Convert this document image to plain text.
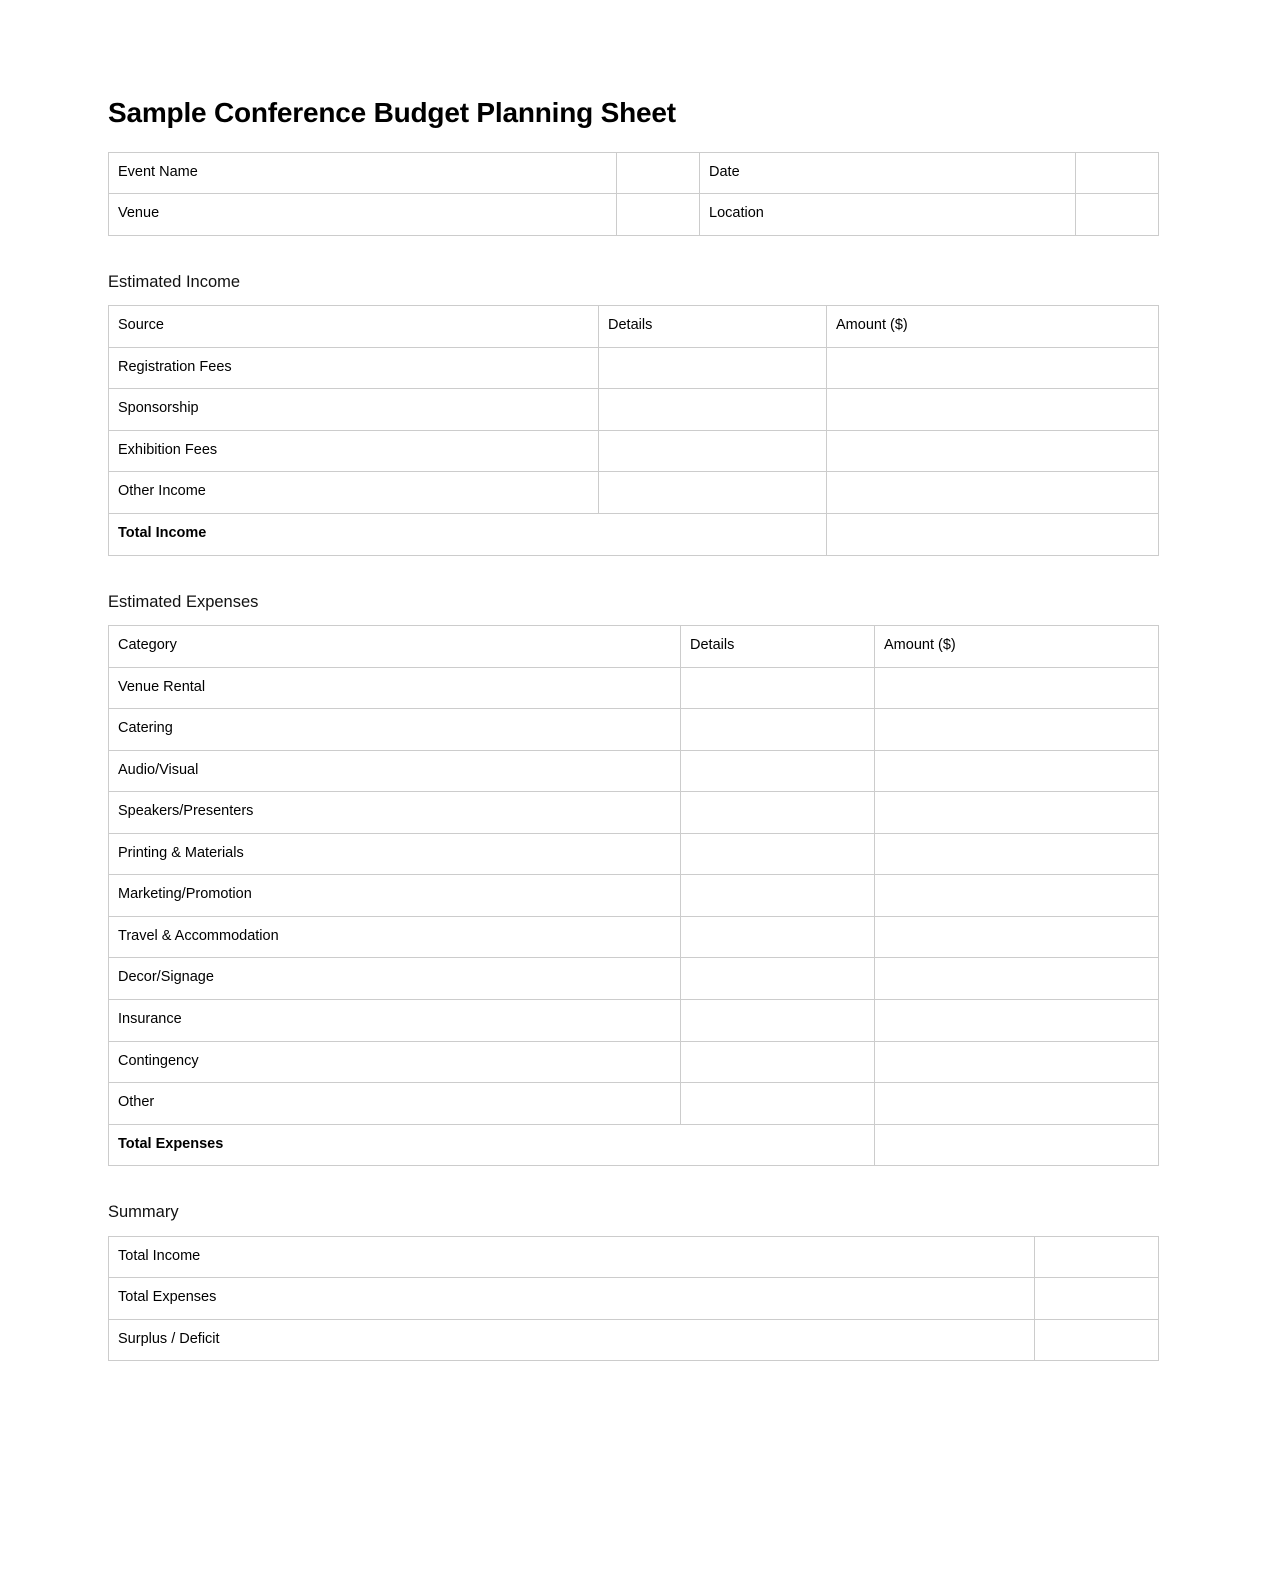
Sample Conference Budget Planning Sheet
Event Name		Date	
Venue		Location	
Estimated Income
Source	Details	Amount ($)
Registration Fees		
Sponsorship		
Exhibition Fees		
Other Income		
Total Income		
Estimated Expenses
Category	Details	Amount ($)
Venue Rental		
Catering		
Audio/Visual		
Speakers/Presenters		
Printing & Materials		
Marketing/Promotion		
Travel & Accommodation		
Decor/Signage		
Insurance		
Contingency		
Other		
Total Expenses		
Summary
Total Income	
Total Expenses	
Surplus / Deficit	
